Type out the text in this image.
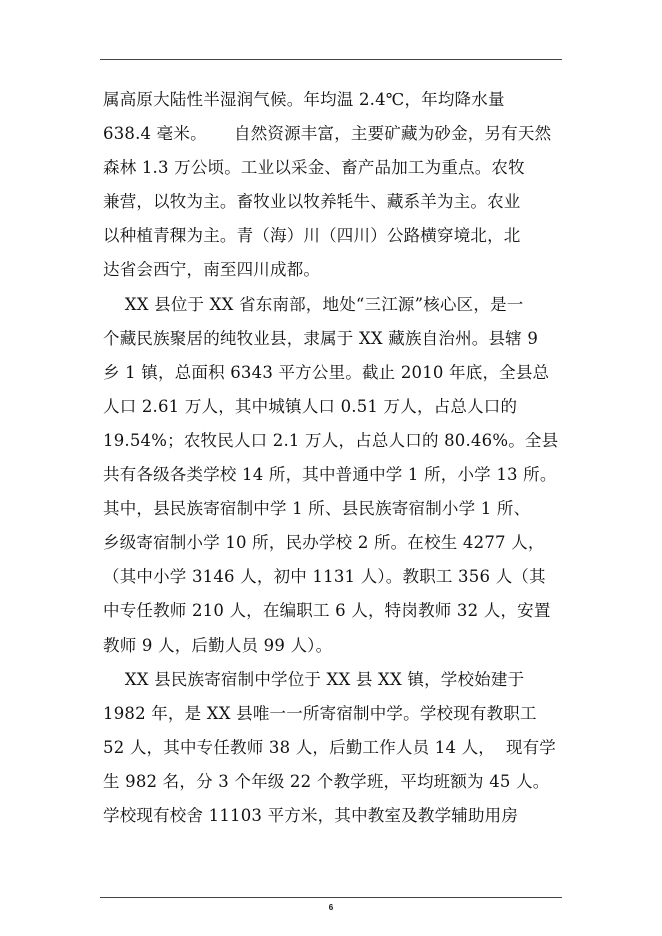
属高原大陆性半湿润气候。年均温 2.4℃，年均降水量
638.4 毫米。     自然资源丰富，主要矿藏为砂金，另有天然
森林 1.3 万公顷。工业以采金、畜产品加工为重点。农牧
兼营，以牧为主。畜牧业以牧养牦牛、藏系羊为主。农业
以种植青稞为主。青（海）川（四川）公路横穿境北，北
达省会西宁，南至四川成都。
XX 县位于 XX 省东南部，地处“三江源”核心区，是一
个藏民族聚居的纯牧业县，隶属于 XX 藏族自治州。县辖 9
乡 1 镇，总面积 6343 平方公里。截止 2010 年底，全县总
人口 2.61 万人，其中城镇人口 0.51 万人，占总人口的
19.54%；农牧民人口 2.1 万人，占总人口的 80.46%。全县
共有各级各类学校 14 所，其中普通中学 1 所，小学 13 所。
其中，县民族寄宿制中学 1 所、县民族寄宿制小学 1 所、
乡级寄宿制小学 10 所，民办学校 2 所。在校生 4277 人，
（其中小学 3146 人，初中 1131 人）。教职工 356 人（其
中专任教师 210 人，在编职工 6 人，特岗教师 32 人，安置
教师 9 人，后勤人员 99 人）。
XX 县民族寄宿制中学位于 XX 县 XX 镇，学校始建于
1982 年，是 XX 县唯一一所寄宿制中学。学校现有教职工
52 人，其中专任教师 38 人，后勤工作人员 14 人，  现有学
生 982 名，分 3 个年级 22 个教学班，平均班额为 45 人。
学校现有校舍 11103 平方米，其中教室及教学辅助用房
6
